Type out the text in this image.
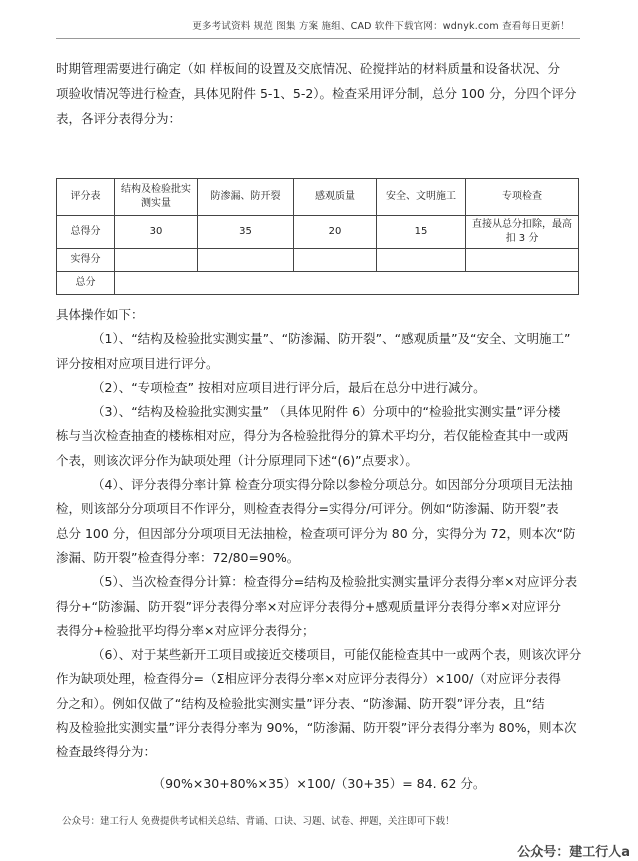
更多考试资料 规范 图集 方案 施组、CAD 软件下载官网：wdnyk.com 查看每日更新！

时期管理需要进行确定（如 样板间的设置及交底情况、砼搅拌站的材料质量和设备状况、分

项验收情况等进行检查，具体见附件 5-1、5-2）。检查采用评分制，总分 100 分，分四个评分

表，各评分表得分为：

评分表	结构及检验批实测实量	防渗漏、防开裂	感观质量	安全、文明施工	专项检查
总得分	30	35	20	15	直接从总分扣除，最高扣 3 分
实得分					
总分					

具体操作如下：

（1）、“结构及检验批实测实量”、“防渗漏、防开裂”、“感观质量”及“安全、文明施工”

评分按相对应项目进行评分。

（2）、“专项检查” 按相对应项目进行评分后，最后在总分中进行减分。

（3）、“结构及检验批实测实量” （具体见附件 6）分项中的“检验批实测实量”评分楼

栋与当次检查抽查的楼栋相对应，得分为各检验批得分的算术平均分，若仅能检查其中一或两

个表，则该次评分作为缺项处理（计分原理同下述“(6)”点要求）。

（4）、评分表得分率计算 检查分项实得分除以参检分项总分。如因部分分项项目无法抽

检，则该部分分项项目不作评分，则检查表得分=实得分/可评分。例如“防渗漏、防开裂”表

总分 100 分，但因部分分项项目无法抽检，检查项可评分为 80 分，实得分为 72，则本次“防

渗漏、防开裂”检查得分率：72/80=90%。

（5）、当次检查得分计算：检查得分=结构及检验批实测实量评分表得分率×对应评分表

得分+“防渗漏、防开裂”评分表得分率×对应评分表得分+感观质量评分表得分率×对应评分

表得分+检验批平均得分率×对应评分表得分；

（6）、对于某些新开工项目或接近交楼项目，可能仅能检查其中一或两个表，则该次评分

作为缺项处理，检查得分=（Σ相应评分表得分率×对应评分表得分）×100/（对应评分表得

分之和）。例如仅做了“结构及检验批实测实量”评分表、“防渗漏、防开裂”评分表，且“结

构及检验批实测实量”评分表得分率为 90%，“防渗漏、防开裂”评分表得分率为 80%，则本次

检查最终得分为：

（90%×30+80%×35）×100/（30+35）= 84. 62 分。

公众号：建工行人 免费提供考试相关总结、背诵、口诀、习题、试卷、押题，关注即可下载！
公众号：建工行人a
